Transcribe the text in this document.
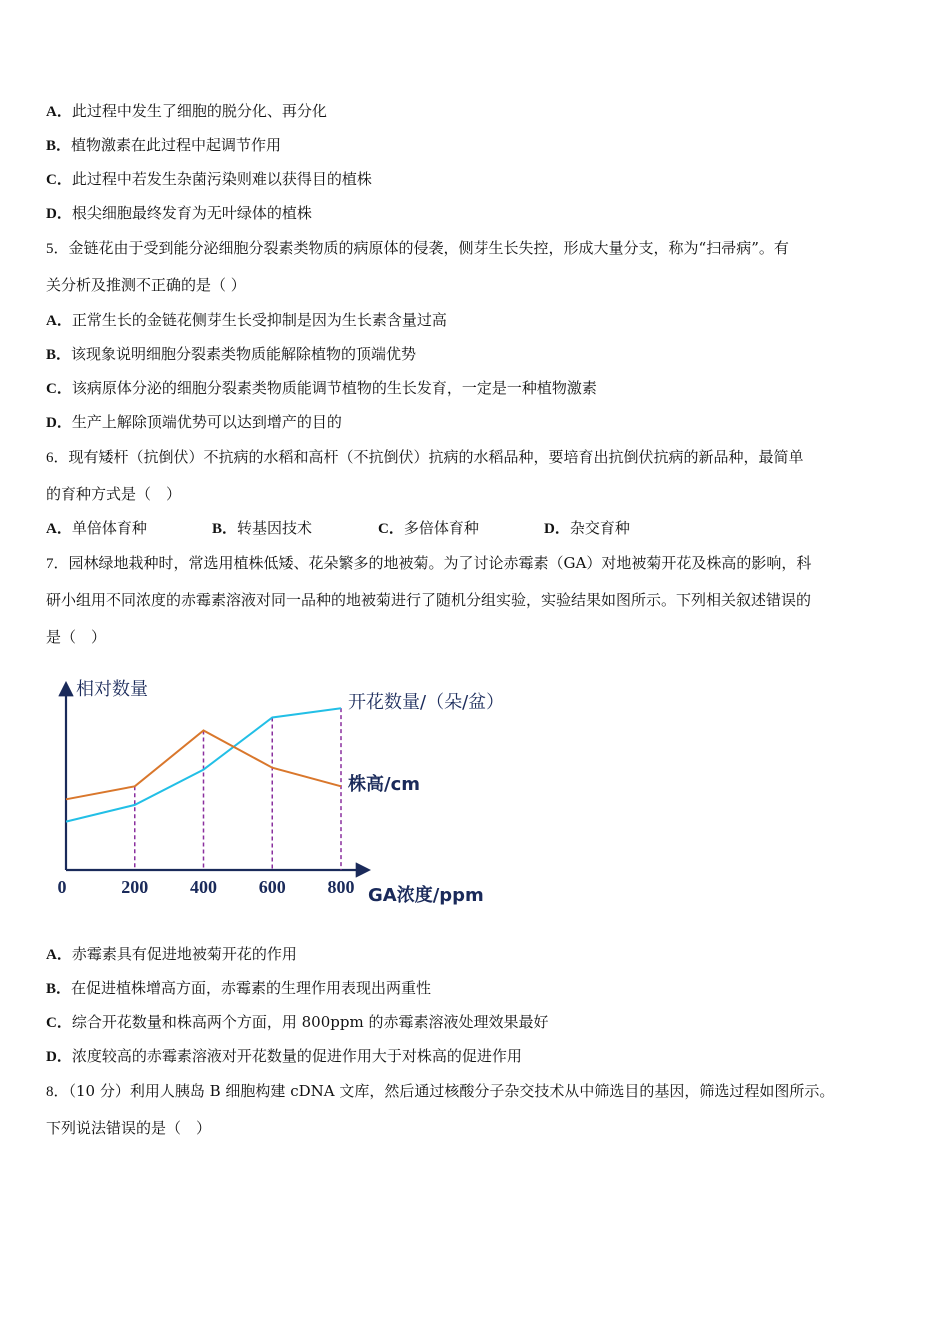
A．此过程中发生了细胞的脱分化、再分化
B．植物激素在此过程中起调节作用
C．此过程中若发生杂菌污染则难以获得目的植株
D．根尖细胞最终发育为无叶绿体的植株
5．金链花由于受到能分泌细胞分裂素类物质的病原体的侵袭，侧芽生长失控，形成大量分支，称为“扫帚病”。有
关分析及推测不正确的是（ ）
A．正常生长的金链花侧芽生长受抑制是因为生长素含量过高
B．该现象说明细胞分裂素类物质能解除植物的顶端优势
C．该病原体分泌的细胞分裂素类物质能调节植物的生长发育，一定是一种植物激素
D．生产上解除顶端优势可以达到增产的目的
6．现有矮杆（抗倒伏）不抗病的水稻和高杆（不抗倒伏）抗病的水稻品种，要培育出抗倒伏抗病的新品种，最简单
的育种方式是（　）
A．单倍体育种	B．转基因技术	C．多倍体育种	D．杂交育种
7．园林绿地栽种时，常选用植株低矮、花朵繁多的地被菊。为了讨论赤霉素（GA）对地被菊开花及株高的影响，科
研小组用不同浓度的赤霉素溶液对同一品种的地被菊进行了随机分组实验，实验结果如图所示。下列相关叙述错误的
是（　）
0	200 400 600 800
相对数量
GA浓度/ppm
开花数量/（朵/盆）
株高/cm
A．赤霉素具有促进地被菊开花的作用
B．在促进植株增高方面，赤霉素的生理作用表现出两重性
C．综合开花数量和株高两个方面，用 800ppm 的赤霉素溶液处理效果最好
D．浓度较高的赤霉素溶液对开花数量的促进作用大于对株高的促进作用
8．（10 分）利用人胰岛 B 细胞构建 cDNA 文库，然后通过核酸分子杂交技术从中筛选目的基因，筛选过程如图所示。
下列说法错误的是（　）
